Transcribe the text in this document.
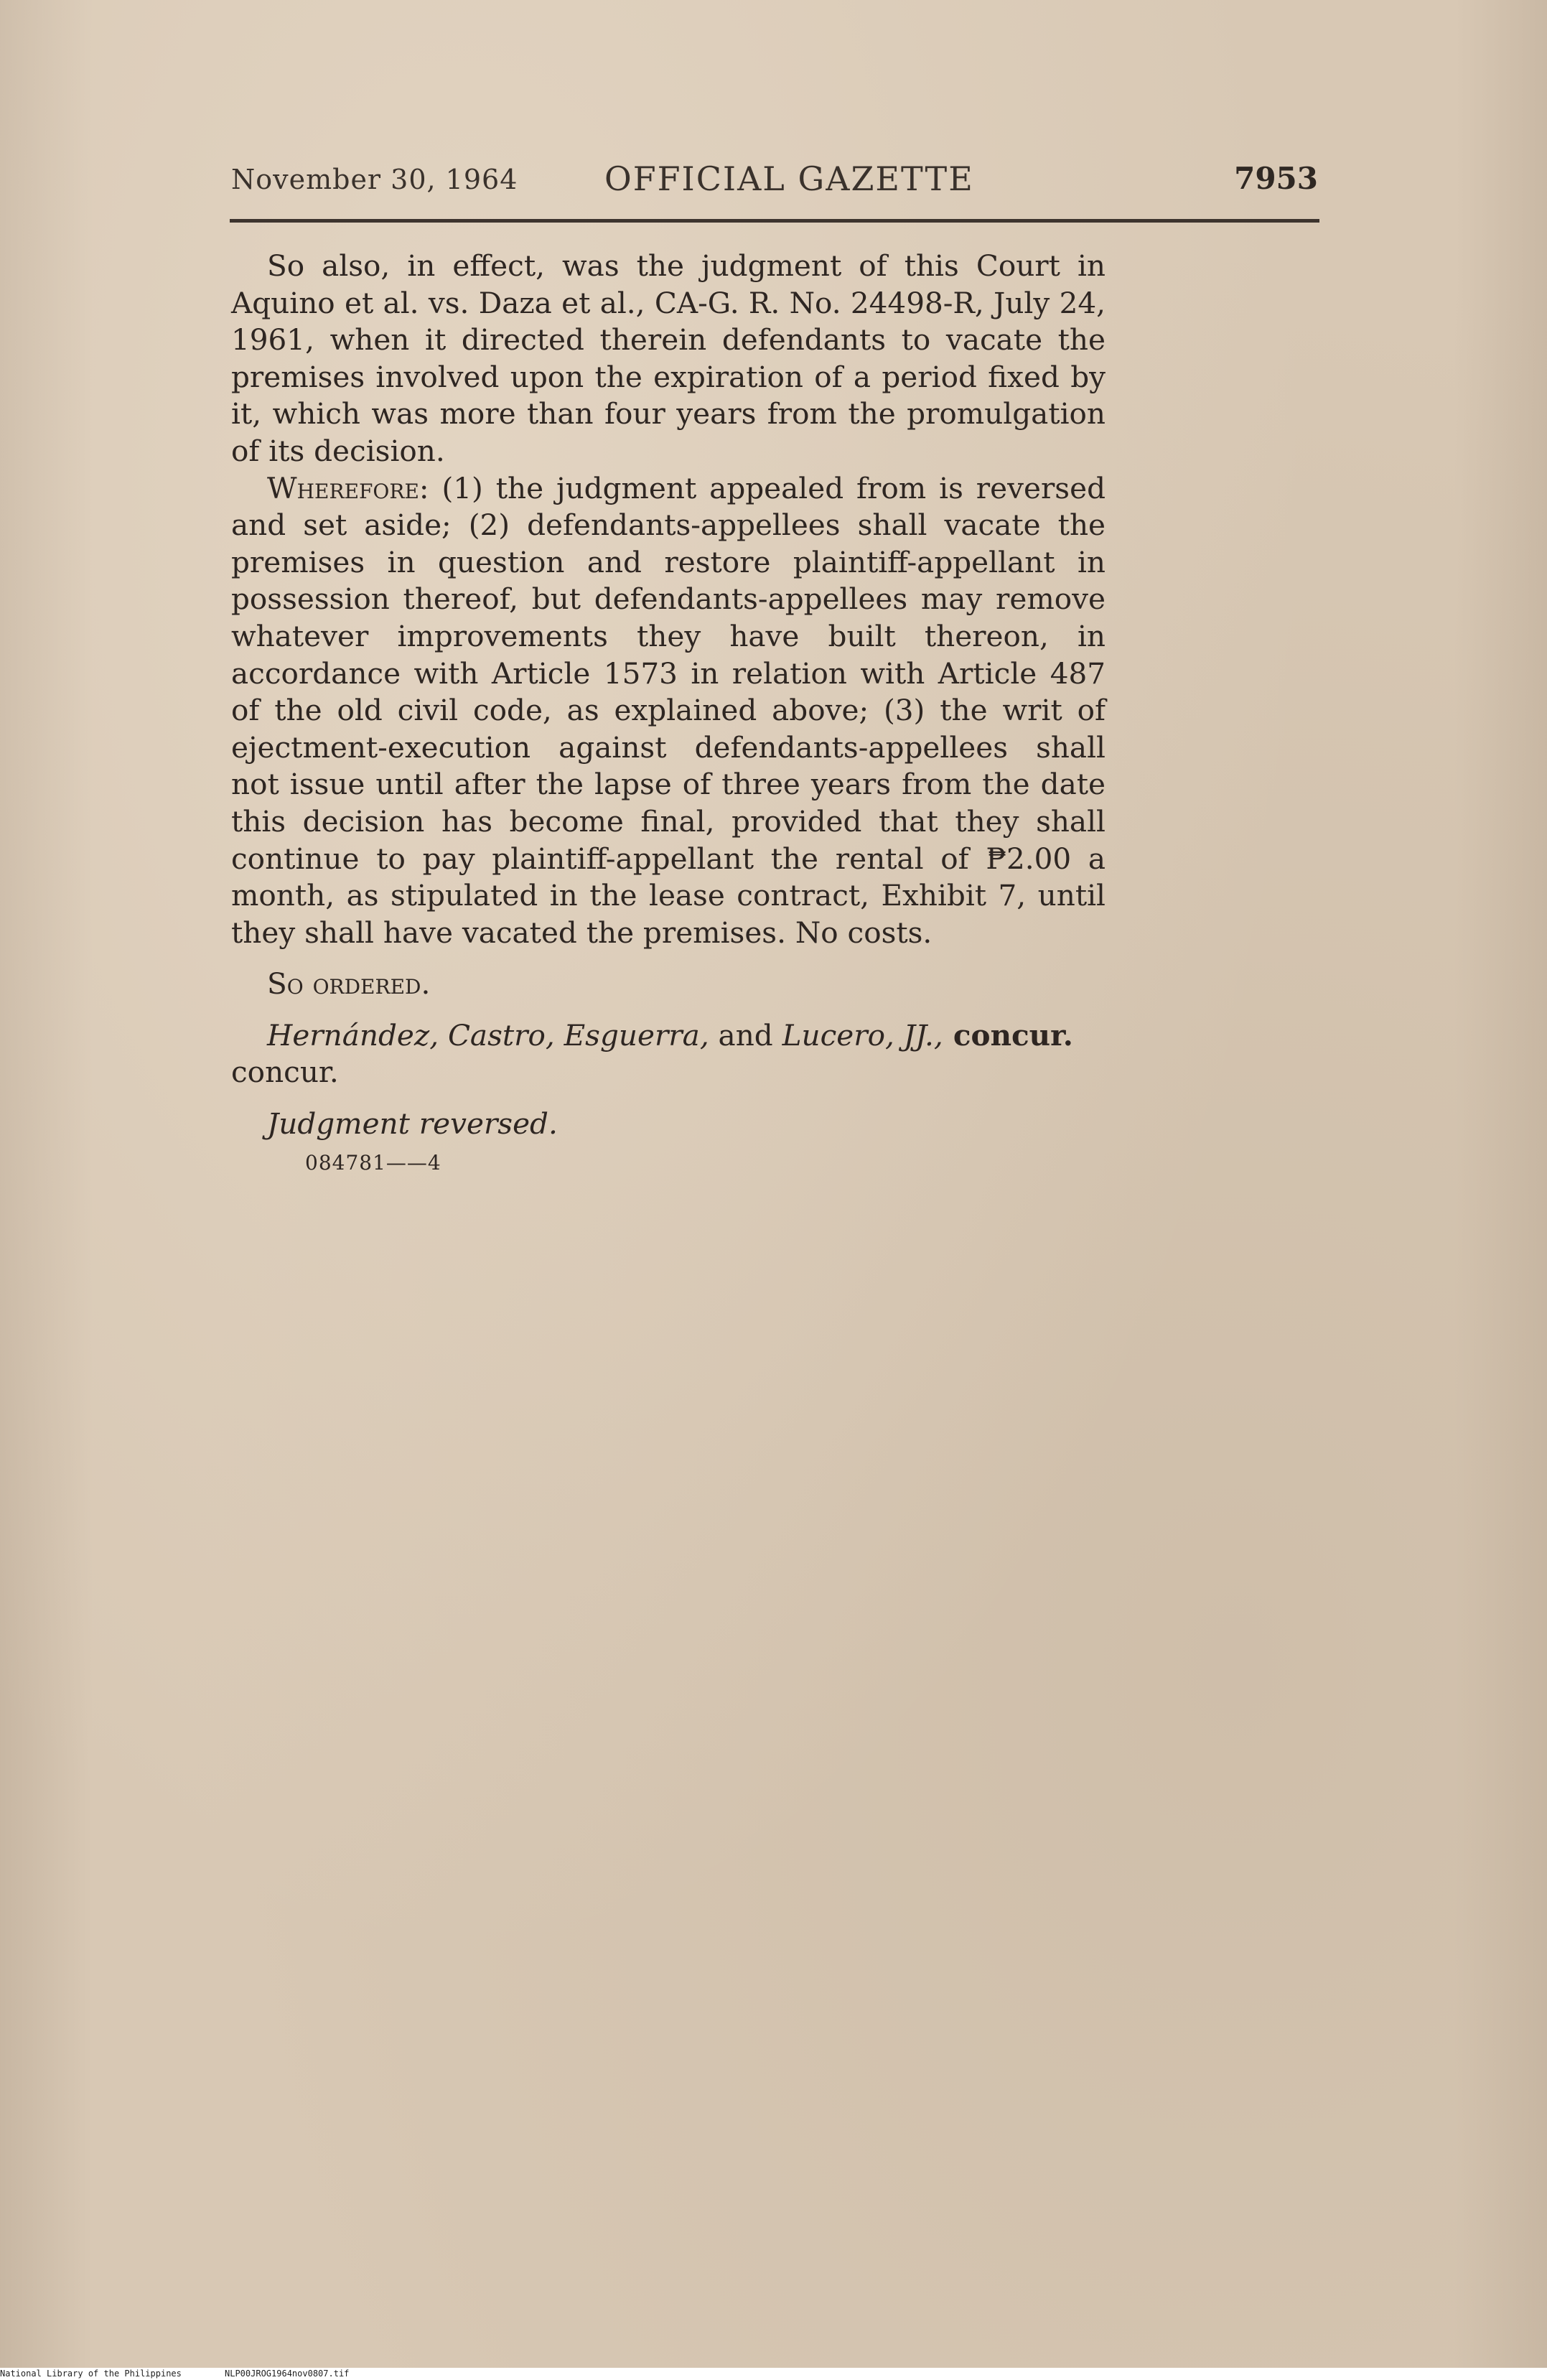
November 30, 1964	OFFICIAL GAZETTE	7953

So also, in effect, was the judgment of this Court in Aquino et al. vs. Daza et al., CA-G. R. No. 24498-R, July 24, 1961, when it directed therein defendants to vacate the premises involved upon the expiration of a period fixed by it, which was more than four years from the promulgation of its decision.

Wherefore: (1) the judgment appealed from is reversed and set aside; (2) defendants-appellees shall vacate the premises in question and restore plaintiff-appellant in possession thereof, but defendants-appellees may remove whatever improvements they have built thereon, in accordance with Article 1573 in relation with Article 487 of the old civil code, as explained above; (3) the writ of ejectment-execution against defendants-appellees shall not issue until after the lapse of three years from the date this decision has become final, provided that they shall continue to pay plaintiff-appellant the rental of ₱2.00 a month, as stipulated in the lease contract, Exhibit 7, until they shall have vacated the premises. No costs.

So ordered.

Hernández, Castro, Esguerra, and Lucero, JJ., concur.
concur.

Judgment reversed.

084781——4

National Library of the Philippines	NLP00JROG1964nov0807.tif
